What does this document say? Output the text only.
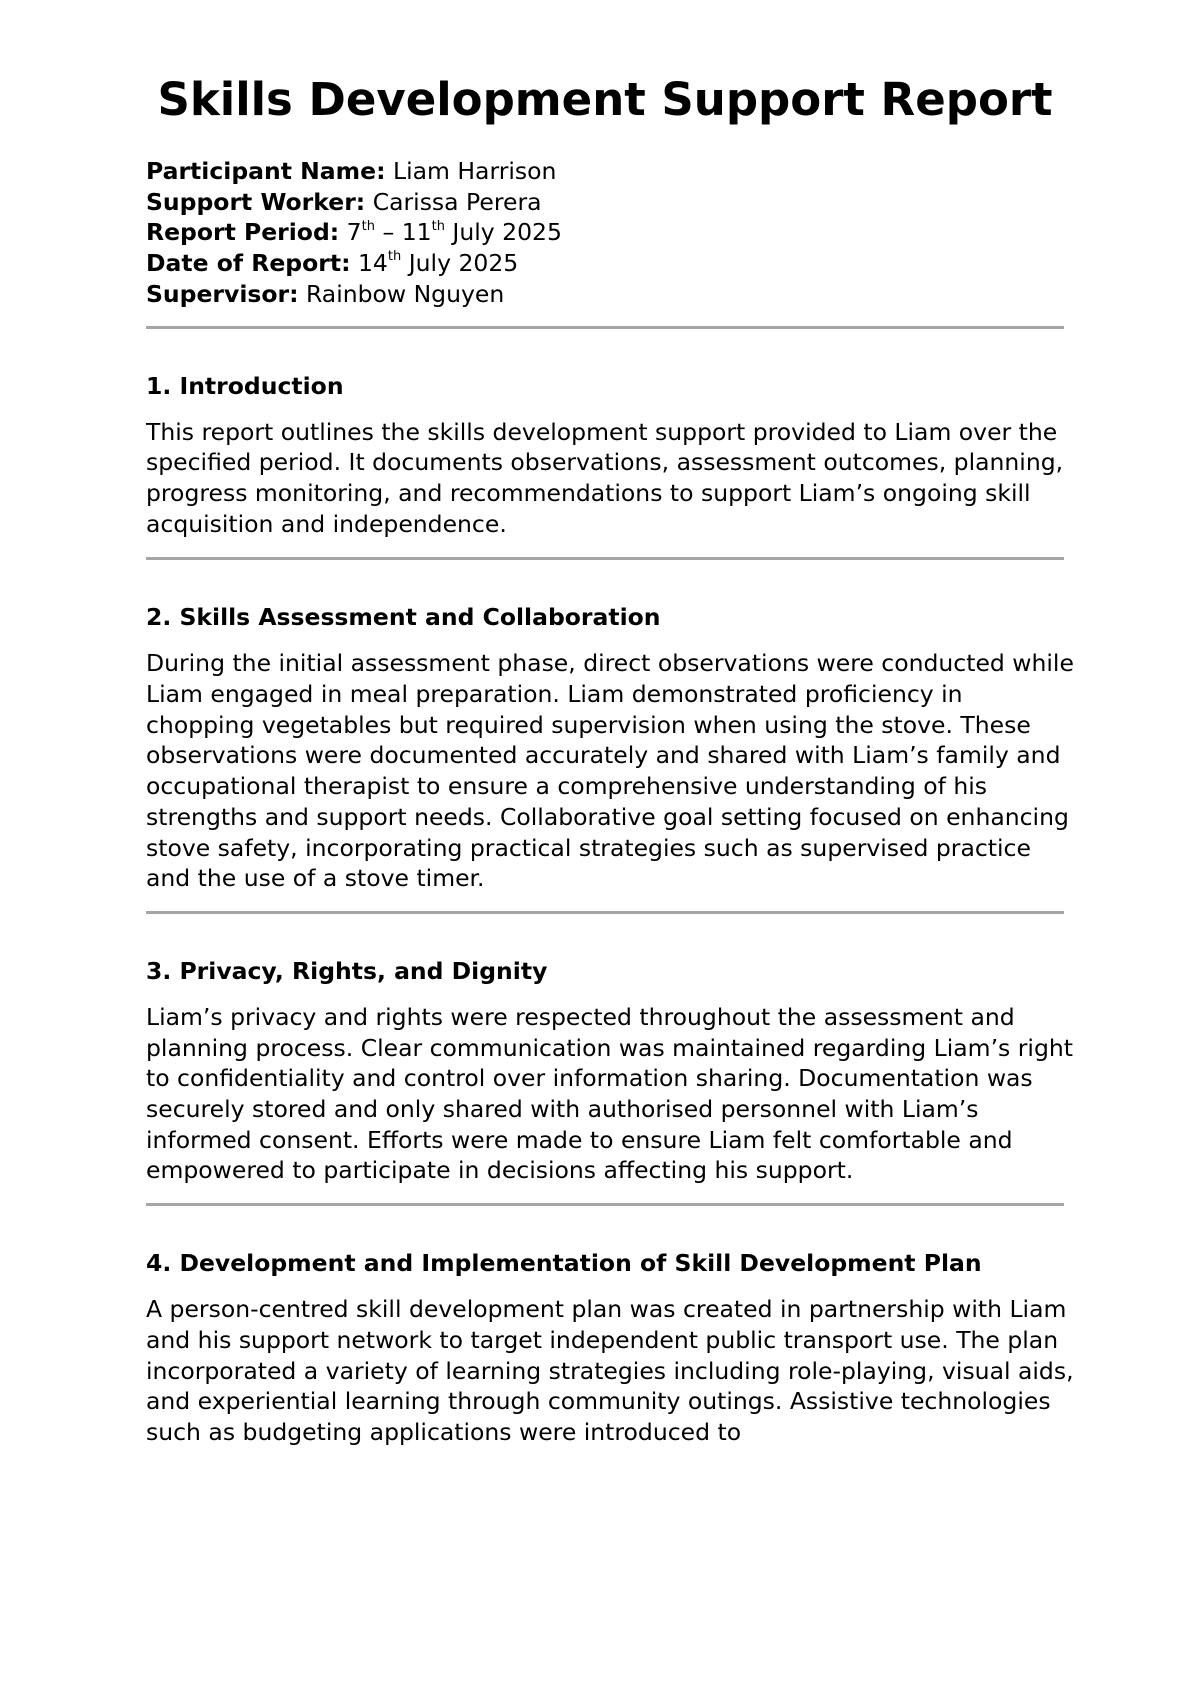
Skills Development Support Report

Participant Name: Liam Harrison

Support Worker: Carissa Perera

Report Period: 7th – 11th July 2025

Date of Report: 14th July 2025

Supervisor: Rainbow Nguyen

1. Introduction

This report outlines the skills development support provided to Liam over the specified period. It documents observations, assessment outcomes, planning, progress monitoring, and recommendations to support Liam’s ongoing skill acquisition and independence.

2. Skills Assessment and Collaboration

During the initial assessment phase, direct observations were conducted while Liam engaged in meal preparation. Liam demonstrated proficiency in chopping vegetables but required supervision when using the stove. These observations were documented accurately and shared with Liam’s family and occupational therapist to ensure a comprehensive understanding of his strengths and support needs. Collaborative goal setting focused on enhancing stove safety, incorporating practical strategies such as supervised practice and the use of a stove timer.

3. Privacy, Rights, and Dignity

Liam’s privacy and rights were respected throughout the assessment and planning process. Clear communication was maintained regarding Liam’s right to confidentiality and control over information sharing. Documentation was securely stored and only shared with authorised personnel with Liam’s informed consent. Efforts were made to ensure Liam felt comfortable and empowered to participate in decisions affecting his support.

4. Development and Implementation of Skill Development Plan

A person-centred skill development plan was created in partnership with Liam and his support network to target independent public transport use. The plan incorporated a variety of learning strategies including role-playing, visual aids, and experiential learning through community outings. Assistive technologies such as budgeting applications were introduced to
